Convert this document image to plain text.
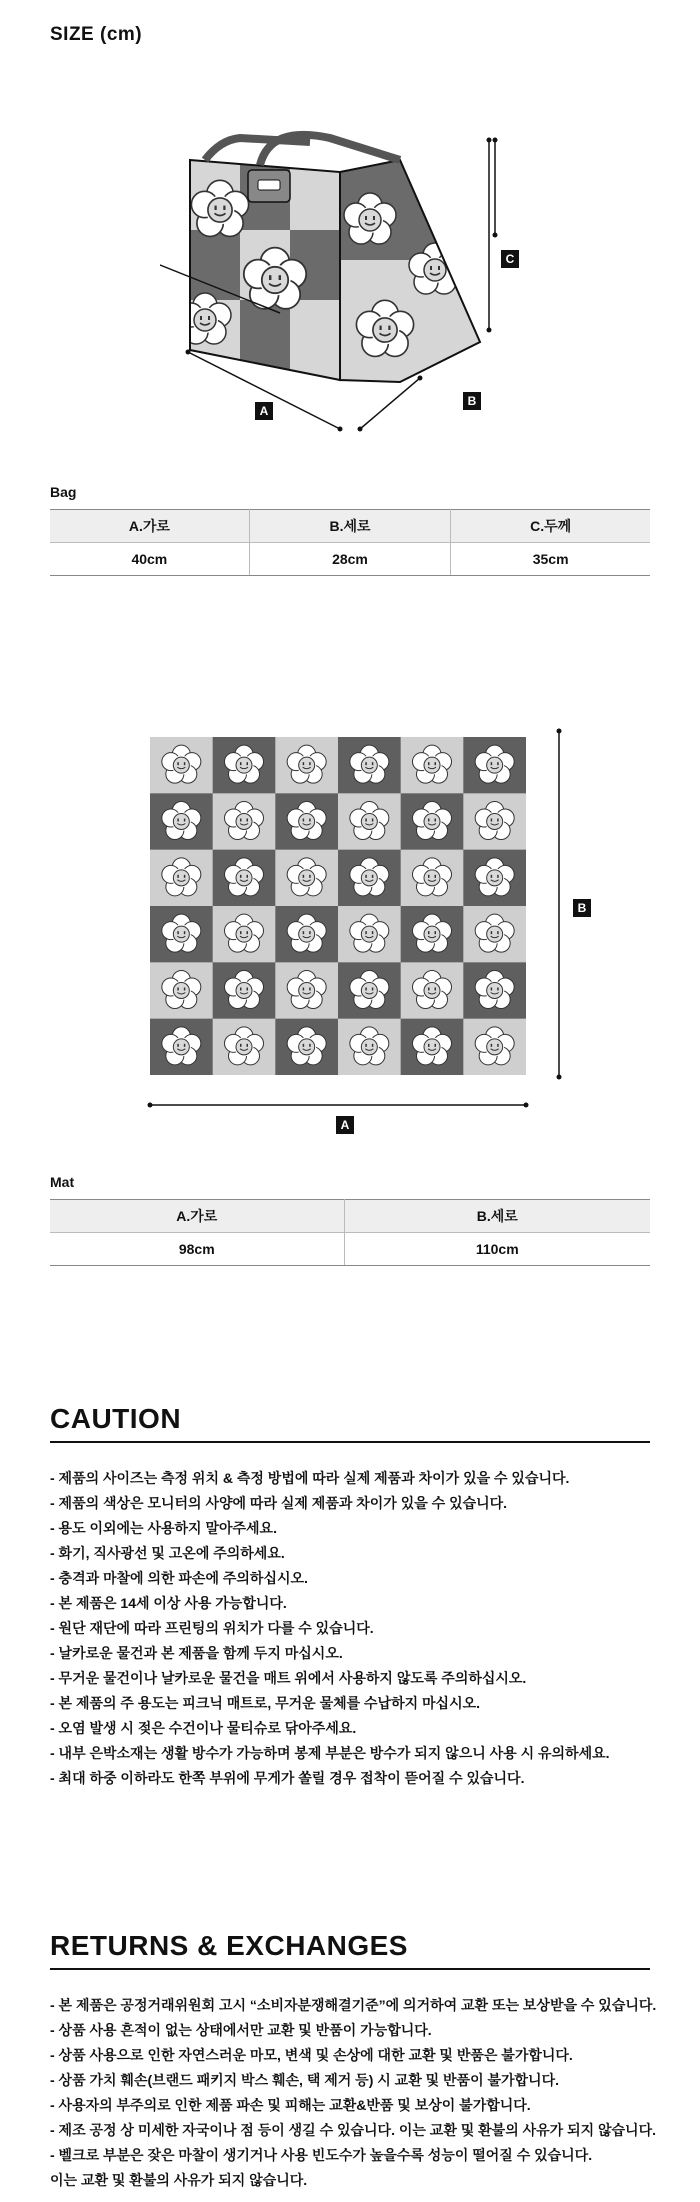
SIZE (cm)
A
B
C
Bag
A.가로	B.세로	C.두께
40cm	28cm	35cm
A
B
Mat
A.가로	B.세로
98cm	110cm
CAUTION
- 제품의 사이즈는 측정 위치 & 측정 방법에 따라 실제 제품과 차이가 있을 수 있습니다.
- 제품의 색상은 모니터의 사양에 따라 실제 제품과 차이가 있을 수 있습니다.
- 용도 이외에는 사용하지 말아주세요.
- 화기, 직사광선 및 고온에 주의하세요.
- 충격과 마찰에 의한 파손에 주의하십시오.
- 본 제품은 14세 이상 사용 가능합니다.
- 원단 재단에 따라 프린팅의 위치가 다를 수 있습니다.
- 날카로운 물건과 본 제품을 함께 두지 마십시오.
- 무거운 물건이나 날카로운 물건을 매트 위에서 사용하지 않도록 주의하십시오.
- 본 제품의 주 용도는 피크닉 매트로, 무거운 물체를 수납하지 마십시오.
- 오염 발생 시 젖은 수건이나 물티슈로 닦아주세요.
- 내부 은박소재는 생활 방수가 가능하며 봉제 부분은 방수가 되지 않으니 사용 시 유의하세요.
- 최대 하중 이하라도 한쪽 부위에 무게가 쏠릴 경우 접착이 뜯어질 수 있습니다.
RETURNS & EXCHANGES
- 본 제품은 공정거래위원회 고시 “소비자분쟁해결기준”에 의거하여 교환 또는 보상받을 수 있습니다.
- 상품 사용 흔적이 없는 상태에서만 교환 및 반품이 가능합니다.
- 상품 사용으로 인한 자연스러운 마모, 변색 및 손상에 대한 교환 및 반품은 불가합니다.
- 상품 가치 훼손(브랜드 패키지 박스 훼손, 택 제거 등) 시 교환 및 반품이 불가합니다.
- 사용자의 부주의로 인한 제품 파손 및 피해는 교환&반품 및 보상이 불가합니다.
- 제조 공정 상 미세한 자국이나 점 등이 생길 수 있습니다. 이는 교환 및 환불의 사유가 되지 않습니다.
- 벨크로 부분은 잦은 마찰이 생기거나 사용 빈도수가 높을수록 성능이 떨어질 수 있습니다.
이는 교환 및 환불의 사유가 되지 않습니다.
